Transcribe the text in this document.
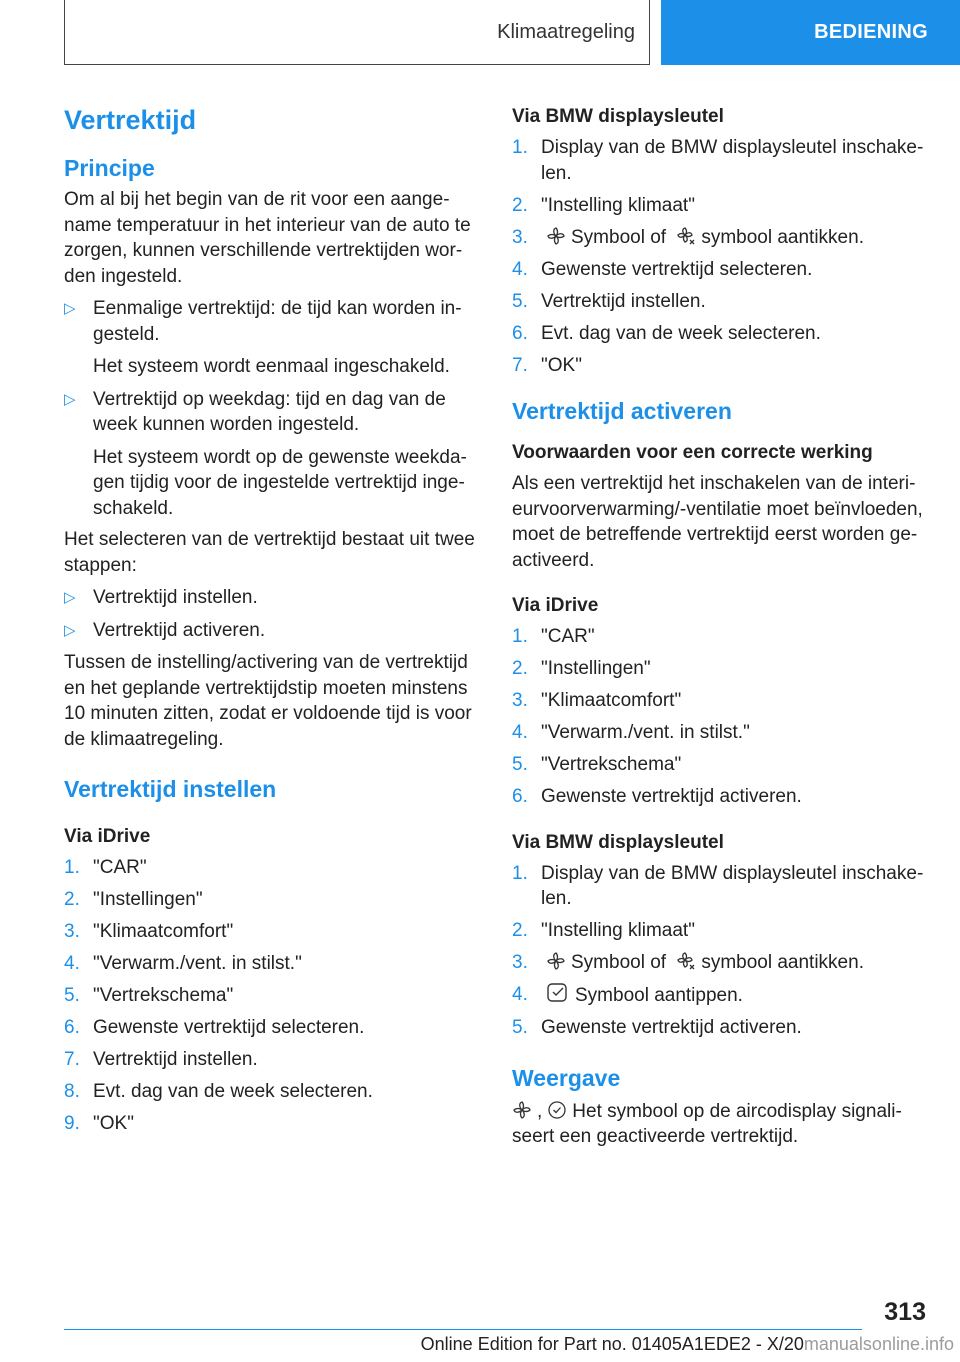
Klimaatregeling	BEDIENING
Vertrektijd
Principe

Om al bij het begin van de rit voor een aangename temperatuur in het interieur van de auto te zorgen, kunnen verschillende vertrektijden worden ingesteld.

▷ Eenmalige vertrektijd: de tijd kan worden ingesteld.

Het systeem wordt eenmaal ingeschakeld.

▷ Vertrektijd op weekdag: tijd en dag van de week kunnen worden ingesteld.

Het systeem wordt op de gewenste weekdagen tijdig voor de ingestelde vertrektijd ingeschakeld.

Het selecteren van de vertrektijd bestaat uit twee stappen:

▷ Vertrektijd instellen.
▷ Vertrektijd activeren.

Tussen de instelling/activering van de vertrektijd en het geplande vertrektijdstip moeten minstens 10 minuten zitten, zodat er voldoende tijd is voor de klimaatregeling.

Vertrektijd instellen
Via iDrive
1. "CAR"
2. "Instellingen"
3. "Klimaatcomfort"
4. "Verwarm./vent. in stilst."
5. "Vertrekschema"
6. Gewenste vertrektijd selecteren.
7. Vertrektijd instellen.
8. Evt. dag van de week selecteren.
9. "OK"
Via BMW displaysleutel
1. Display van de BMW displaysleutel inschakelen.
2. "Instelling klimaat"
3. Symbool of symbool aantikken.
4. Gewenste vertrektijd selecteren.
5. Vertrektijd instellen.
6. Evt. dag van de week selecteren.
7. "OK"
Vertrektijd activeren
Voorwaarden voor een correcte werking

Als een vertrektijd het inschakelen van de interieurvoorverwarming/-ventilatie moet beïnvloeden, moet de betreffende vertrektijd eerst worden geactiveerd.

Via iDrive
1. "CAR"
2. "Instellingen"
3. "Klimaatcomfort"
4. "Verwarm./vent. in stilst."
5. "Vertrekschema"
6. Gewenste vertrektijd activeren.
Via BMW displaysleutel
1. Display van de BMW displaysleutel inschakelen.
2. "Instelling klimaat"
3. Symbool of symbool aantikken.
4. Symbool aantippen.
5. Gewenste vertrektijd activeren.
Weergave

, Het symbool op de aircodisplay signaliseert een geactiveerde vertrektijd.

313
Online Edition for Part no. 01405A1EDE2 - X/20manualsonline.info
